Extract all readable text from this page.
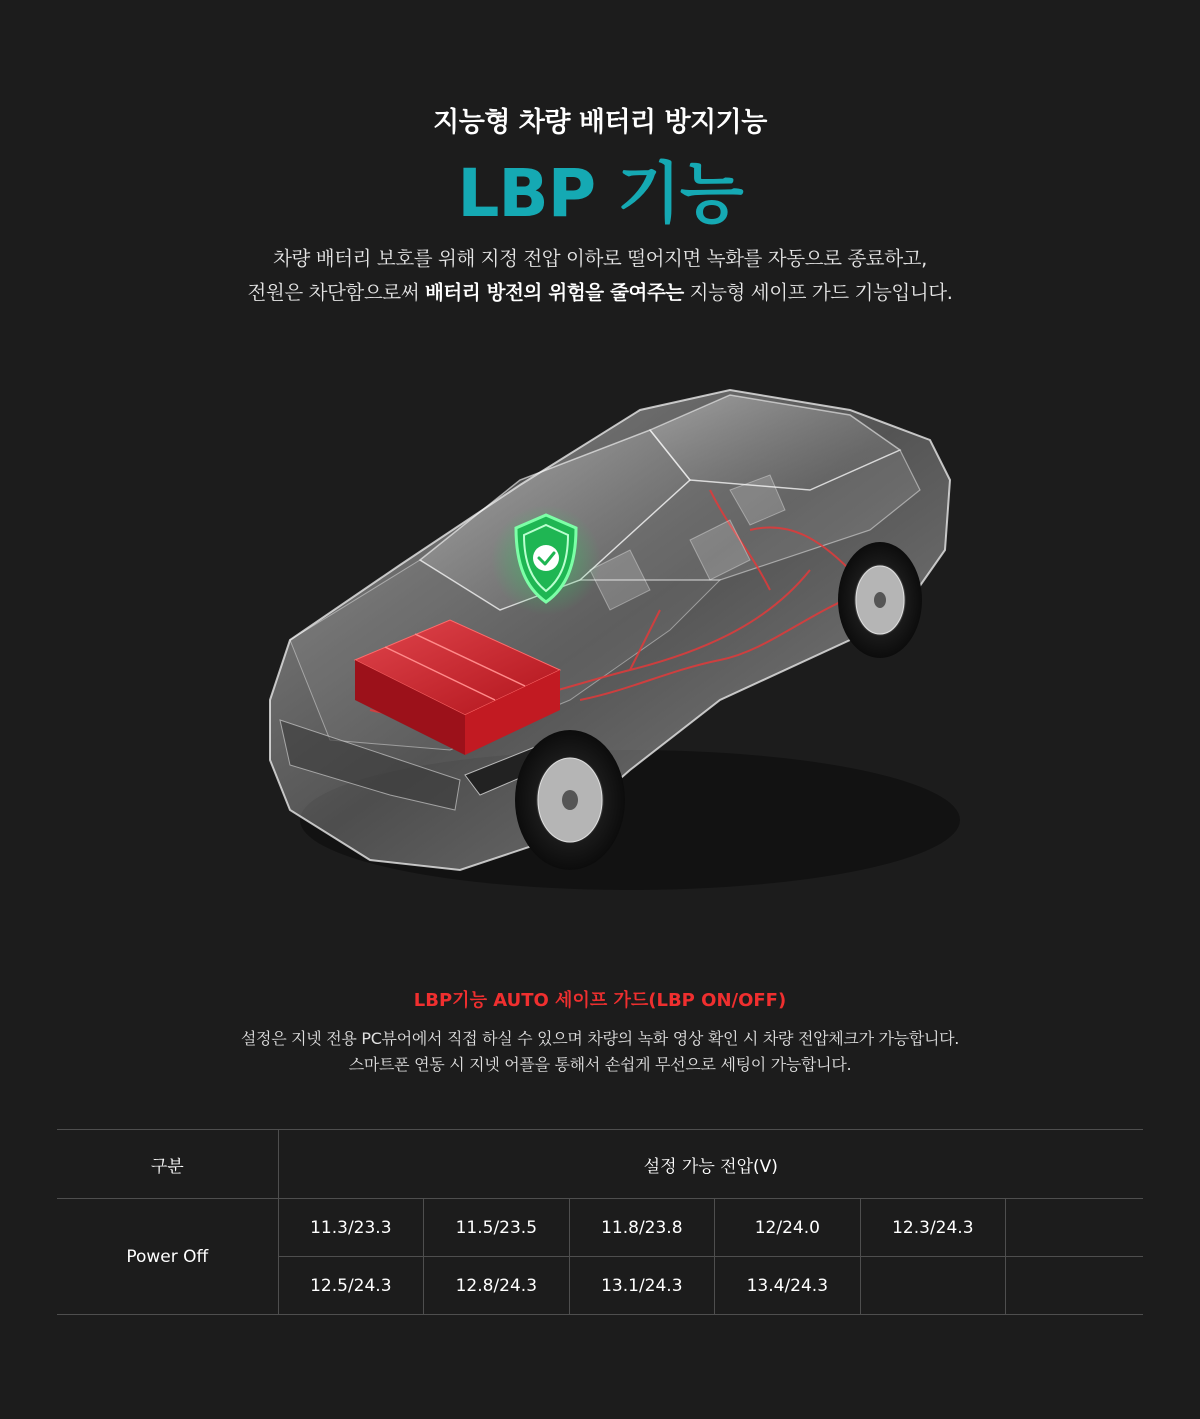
지능형 차량 배터리 방지기능
LBP 기능
차량 배터리 보호를 위해 지정 전압 이하로 떨어지면 녹화를 자동으로 종료하고,
전원은 차단함으로써 배터리 방전의 위험을 줄여주는 지능형 세이프 가드 기능입니다.
LBP기능 AUTO 세이프 가드(LBP ON/OFF)
설정은 지넷 전용 PC뷰어에서 직접 하실 수 있으며 차량의 녹화 영상 확인 시 차량 전압체크가 가능합니다.
스마트폰 연동 시 지넷 어플을 통해서 손쉽게 무선으로 세팅이 가능합니다.
구분	설정 가능 전압(V)					
Power Off	11.3/23.3	11.5/23.5	11.8/23.8	12/24.0	12.3/24.3	
	12.5/24.3	12.8/24.3	13.1/24.3	13.4/24.3		
